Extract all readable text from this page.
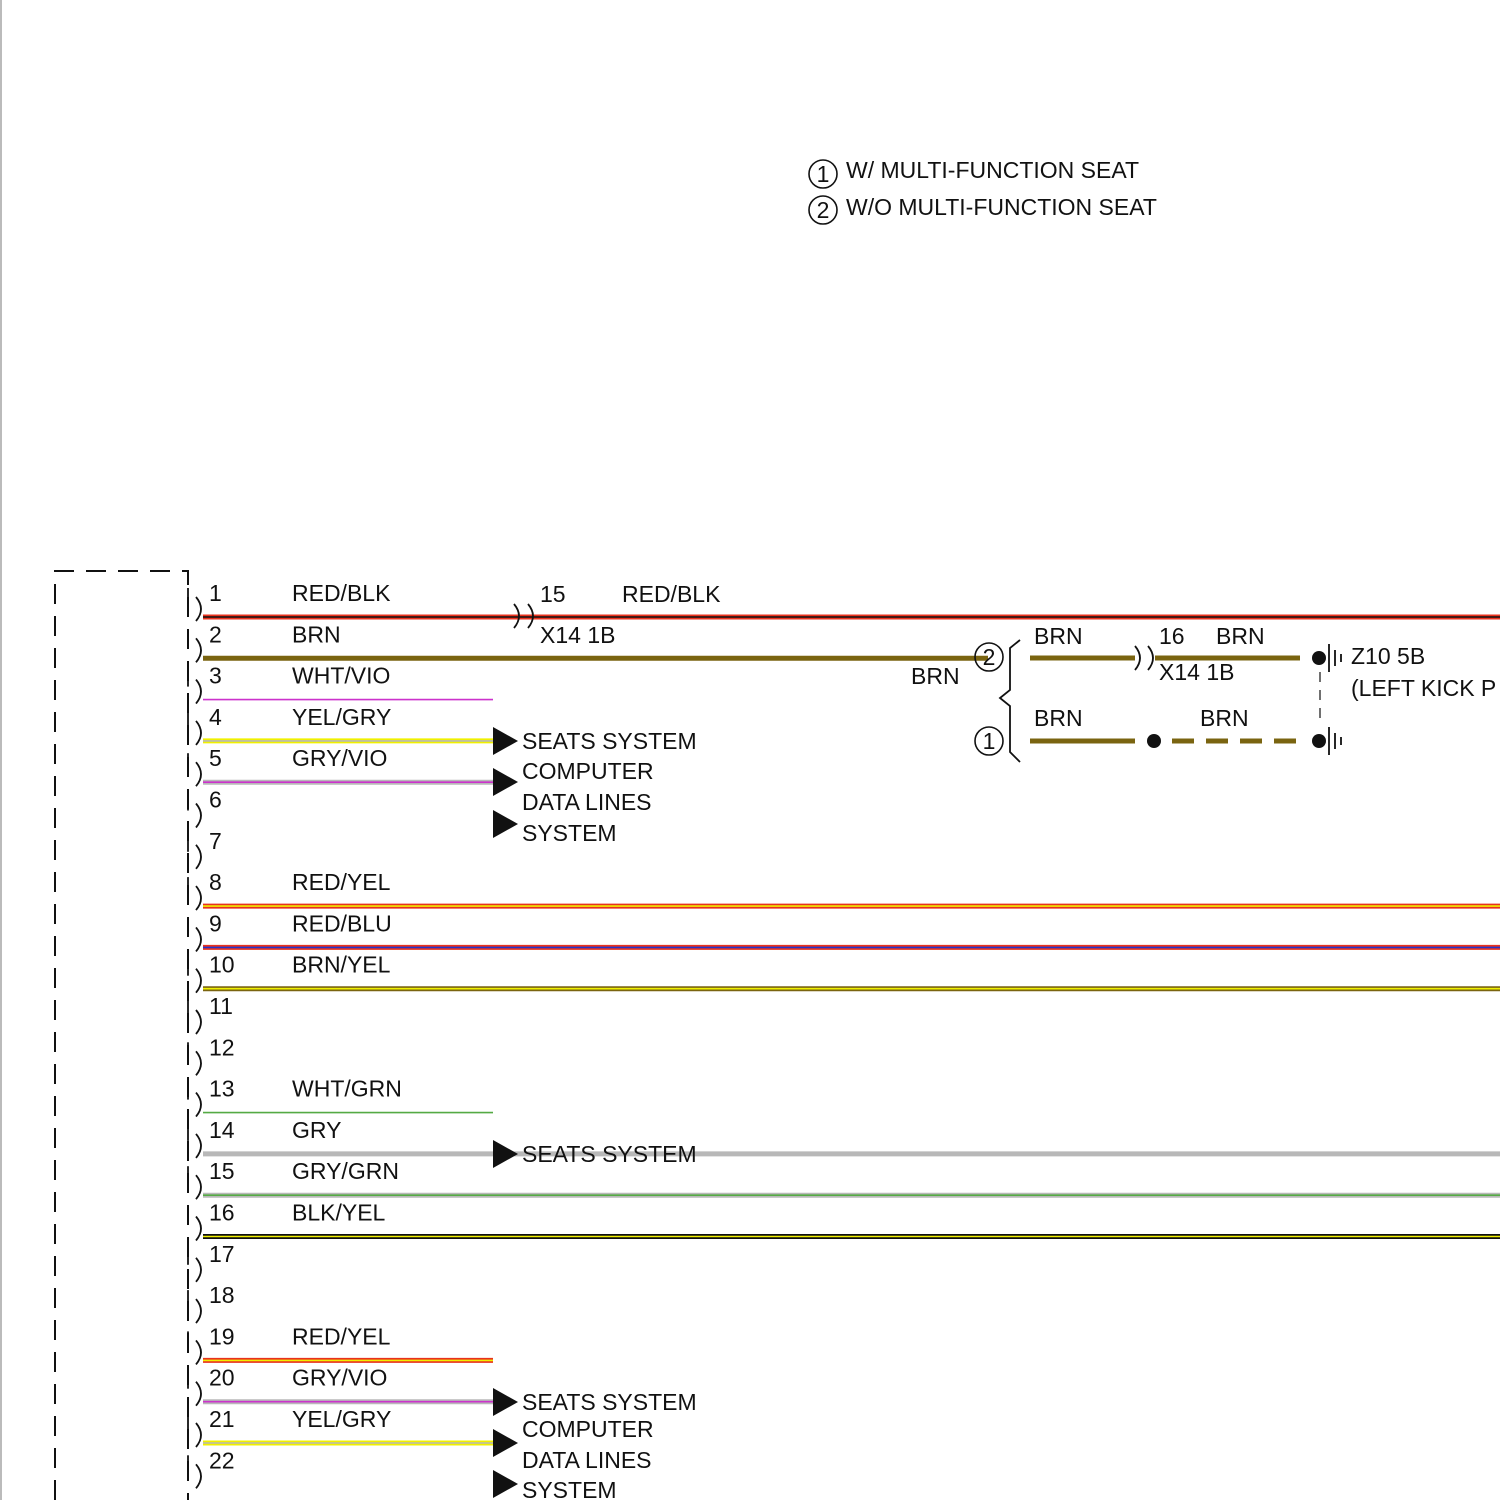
1 W/ MULTI-FUNCTION SEAT
2 W/O MULTI-FUNCTION SEAT
1	RED/BLK
2	BRN
3	WHT/VIO
4	YEL/GRY
5	GRY/VIO
6
7
8	RED/YEL
9	RED/BLU
10 BRN/YEL
11
12
13 WHT/GRN
14 GRY
15 GRY/GRN
16 BLK/YEL
17
18
19 RED/YEL
20 GRY/VIO
21 YEL/GRY
22
SEATS SYSTEM
COMPUTER
DATA LINES
SYSTEM
SEATS SYSTEM
SEATS SYSTEM
COMPUTER
DATA LINES
SYSTEM
15 RED/BLK
X14 1B
BRN
2
1
BRN	16 BRN
X14 1B
BRN	BRN
Z10 5B
(LEFT KICK P
